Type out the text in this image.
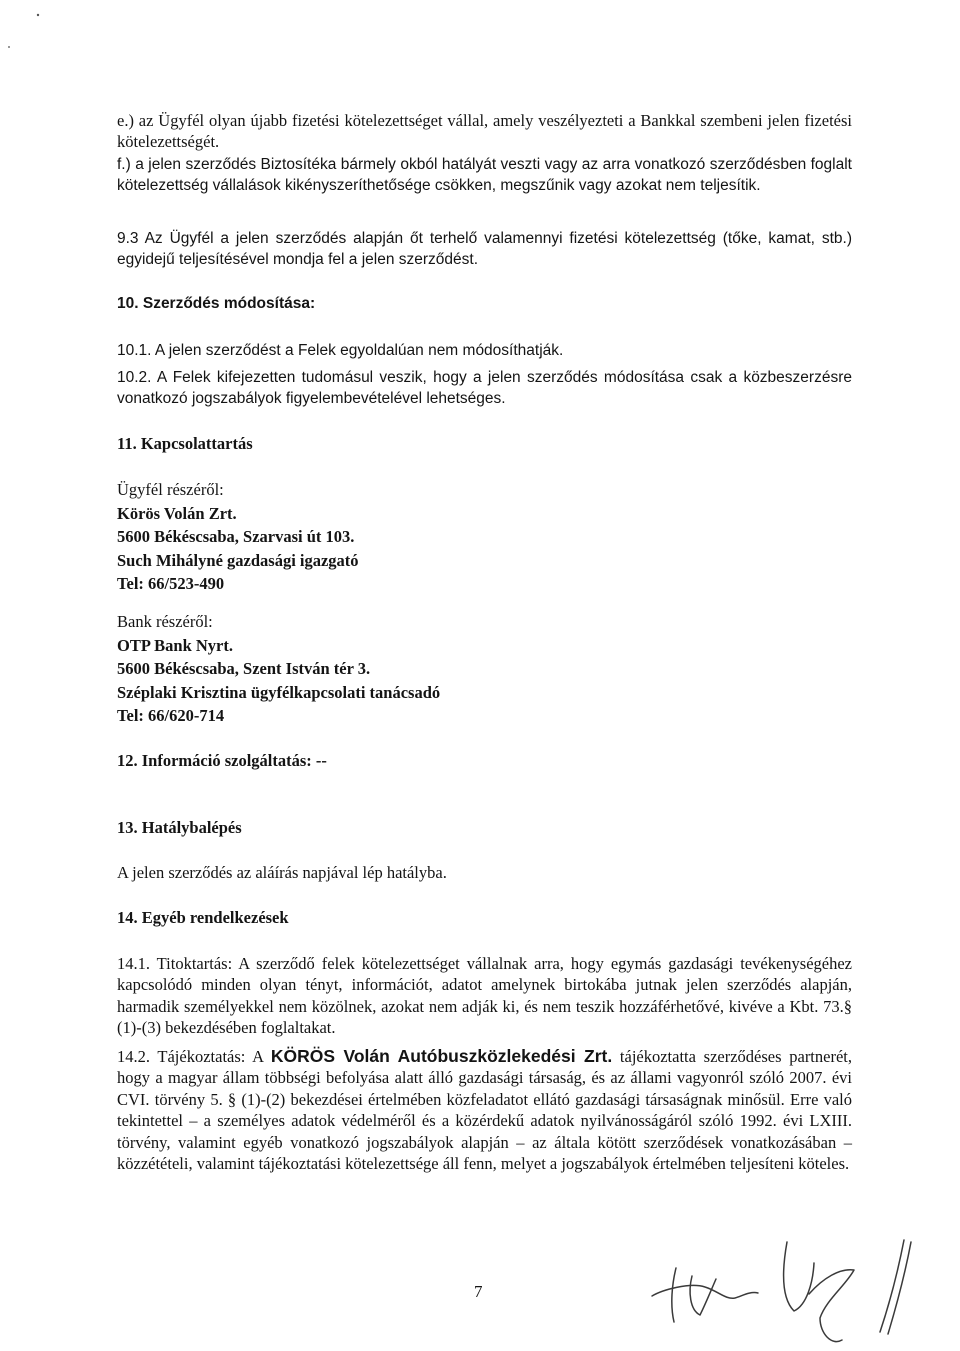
e.) az Ügyfél olyan újabb fizetési kötelezettséget vállal, amely veszélyezteti a Bankkal szembeni jelen fizetési kötelezettségét.

f.) a jelen szerződés Biztosítéka bármely okból hatályát veszti vagy az arra vonatkozó szerződésben foglalt kötelezettség vállalások kikényszeríthetősége csökken, megszűnik vagy azokat nem teljesítik.

9.3 Az Ügyfél a jelen szerződés alapján őt terhelő valamennyi fizetési kötelezettség (tőke, kamat, stb.) egyidejű teljesítésével mondja fel a jelen szerződést.

10. Szerződés módosítása:

10.1. A jelen szerződést a Felek egyoldalúan nem módosíthatják.

10.2. A Felek kifejezetten tudomásul veszik, hogy a jelen szerződés módosítása csak a közbeszerzésre vonatkozó jogszabályok figyelembevételével lehetséges.

11. Kapcsolattartás

Ügyfél részéről:
Körös Volán Zrt.
5600 Békéscsaba, Szarvasi út 103.
Such Mihályné gazdasági igazgató
Tel: 66/523-490
Bank részéről:
OTP Bank Nyrt.
5600 Békéscsaba, Szent István tér 3.
Széplaki Krisztina ügyfélkapcsolati tanácsadó
Tel: 66/620-714

12. Információ szolgáltatás: --

13. Hatálybalépés

A jelen szerződés az aláírás napjával lép hatályba.

14. Egyéb rendelkezések

14.1. Titoktartás: A szerződő felek kötelezettséget vállalnak arra, hogy egymás gazdasági tevékenységéhez kapcsolódó minden olyan tényt, információt, adatot amelynek birtokába jutnak jelen szerződés alapján, harmadik személyekkel nem közölnek, azokat nem adják ki, és nem teszik hozzáférhetővé, kivéve a Kbt. 73.§ (1)-(3) bekezdésében foglaltakat.

14.2. Tájékoztatás: A KÖRÖS Volán Autóbuszközlekedési Zrt. tájékoztatta szerződéses partnerét, hogy a magyar állam többségi befolyása alatt álló gazdasági társaság, és az állami vagyonról szóló 2007. évi CVI. törvény 5. § (1)-(2) bekezdései értelmében közfeladatot ellátó gazdasági társaságnak minősül. Erre való tekintettel – a személyes adatok védelméről és a közérdekű adatok nyilvánosságáról szóló 1992. évi LXIII. törvény, valamint egyéb vonatkozó jogszabályok alapján – az általa kötött szerződések vonatkozásában – közzétételi, valamint tájékoztatási kötelezettsége áll fenn, melyet a jogszabályok értelmében teljesíteni köteles.

7
